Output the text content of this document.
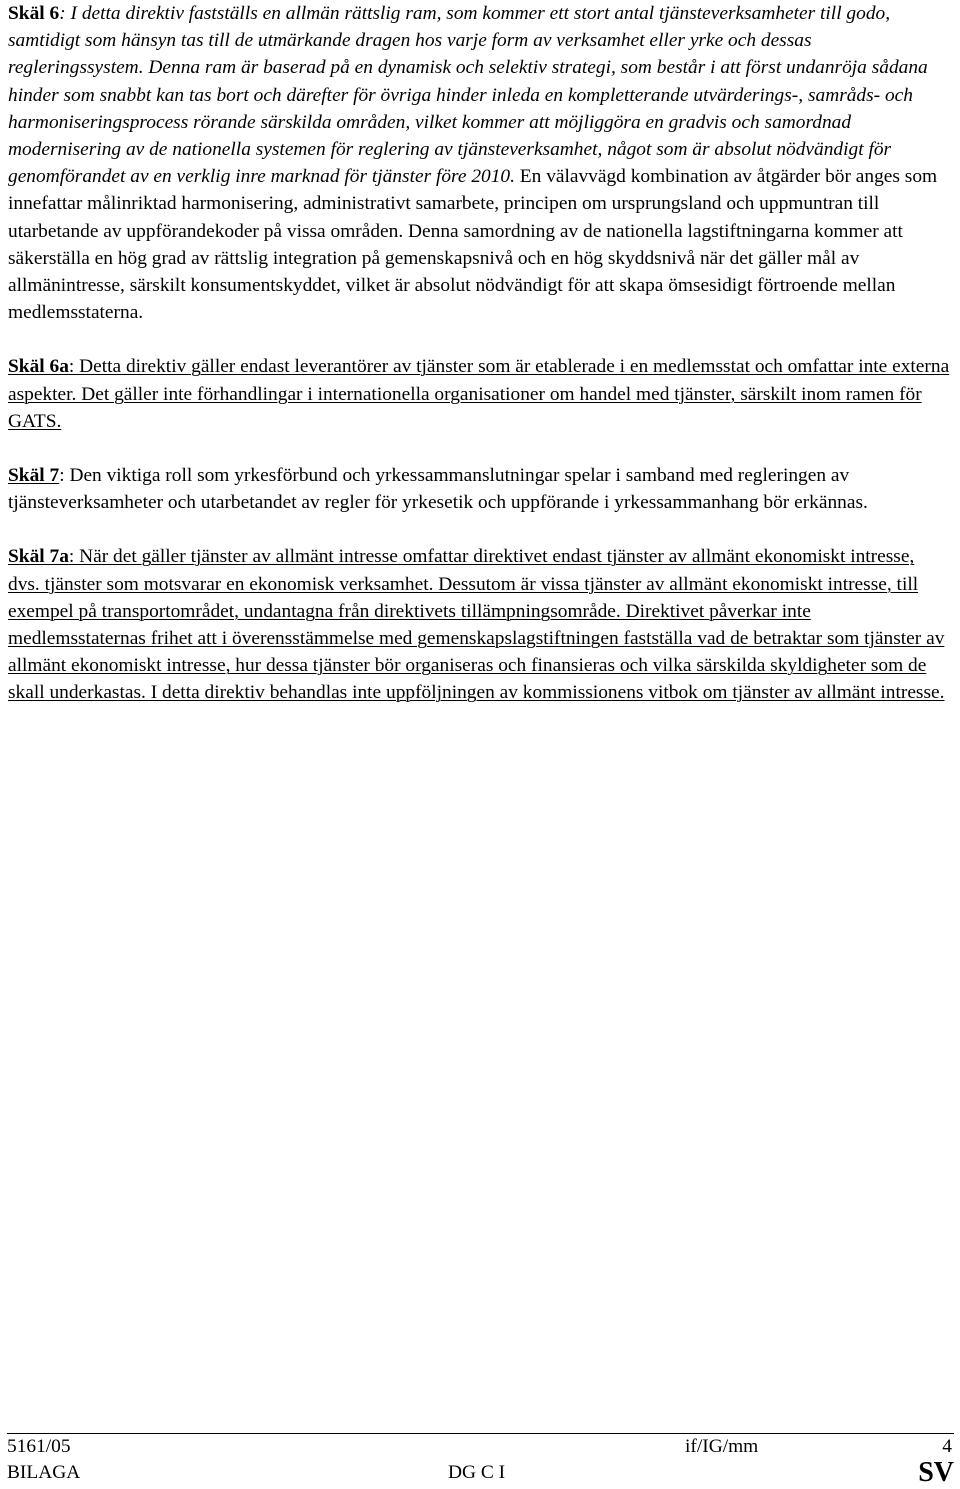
Skäl 6: I detta direktiv fastställs en allmän rättslig ram, som kommer ett stort antal tjänsteverksamheter till godo, samtidigt som hänsyn tas till de utmärkande dragen hos varje form av verksamhet eller yrke och dessas regleringssystem. Denna ram är baserad på en dynamisk och selektiv strategi, som består i att först undanröja sådana hinder som snabbt kan tas bort och därefter för övriga hinder inleda en kompletterande utvärderings-, samråds- och harmoniseringsprocess rörande särskilda områden, vilket kommer att möjliggöra en gradvis och samordnad modernisering av de nationella systemen för reglering av tjänsteverksamhet, något som är absolut nödvändigt för genomförandet av en verklig inre marknad för tjänster före 2010. En välavvägd kombination av åtgärder bör anges som innefattar målinriktad harmonisering, administrativt samarbete, principen om ursprungsland och uppmuntran till utarbetande av uppförandekoder på vissa områden. Denna samordning av de nationella lagstiftningarna kommer att säkerställa en hög grad av rättslig integration på gemenskapsnivå och en hög skyddsnivå när det gäller mål av allmänintresse, särskilt konsumentskyddet, vilket är absolut nödvändigt för att skapa ömsesidigt förtroende mellan medlemsstaterna.

Skäl 6a: Detta direktiv gäller endast leverantörer av tjänster som är etablerade i en medlemsstat och omfattar inte externa aspekter. Det gäller inte förhandlingar i internationella organisationer om handel med tjänster, särskilt inom ramen för GATS.

Skäl 7: Den viktiga roll som yrkesförbund och yrkessammanslutningar spelar i samband med regleringen av tjänsteverksamheter och utarbetandet av regler för yrkesetik och uppförande i yrkessammanhang bör erkännas.

Skäl 7a: När det gäller tjänster av allmänt intresse omfattar direktivet endast tjänster av allmänt ekonomiskt intresse, dvs. tjänster som motsvarar en ekonomisk verksamhet. Dessutom är vissa tjänster av allmänt ekonomiskt intresse, till exempel på transportområdet, undantagna från direktivets tillämpningsområde. Direktivet påverkar inte medlemsstaternas frihet att i överensstämmelse med gemenskapslagstiftningen fastställa vad de betraktar som tjänster av allmänt ekonomiskt intresse, hur dessa tjänster bör organiseras och finansieras och vilka särskilda skyldigheter som de skall underkastas. I detta direktiv behandlas inte uppföljningen av kommissionens vitbok om tjänster av allmänt intresse.

5161/05	if/IG/mm	4
BILAGA	DG C I	SV
